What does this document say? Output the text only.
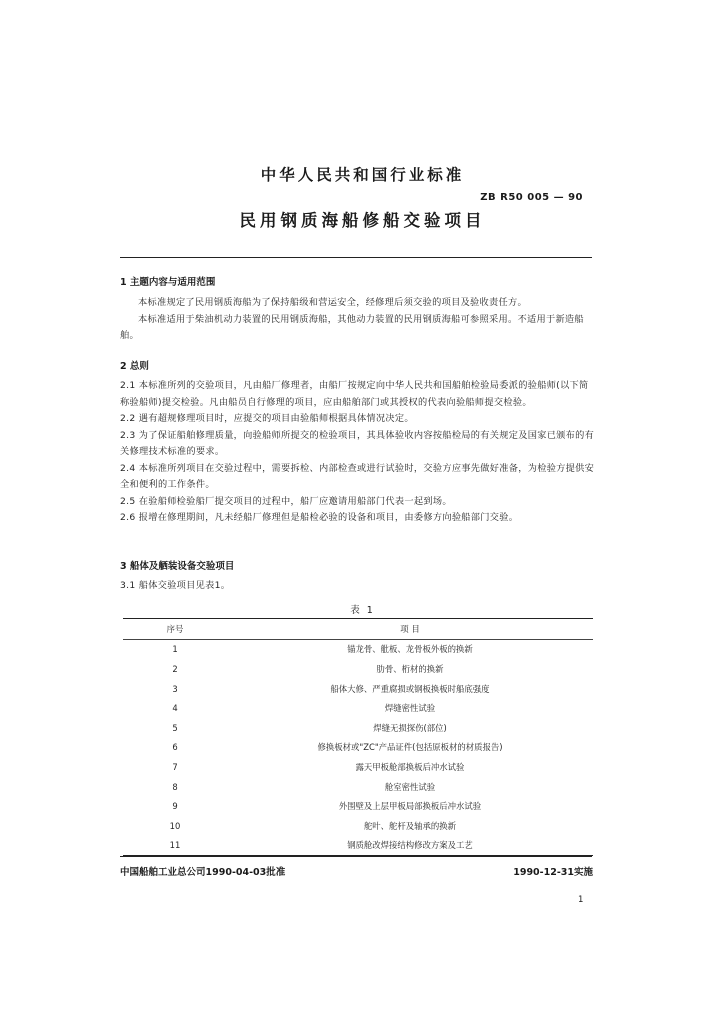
中华人民共和国行业标准
ZB R50 005 — 90
民用钢质海船修船交验项目
1 主题内容与适用范围

本标准规定了民用钢质海船为了保持船级和营运安全，经修理后须交验的项目及验收责任方。

本标准适用于柴油机动力装置的民用钢质海船，其他动力装置的民用钢质海船可参照采用。不适用于新造船舶。

2 总则

2.1 本标准所列的交验项目，凡由船厂修理者，由船厂按规定向中华人民共和国船舶检验局委派的验船师(以下简称验船师)提交检验。凡由船员自行修理的项目，应由船舶部门或其授权的代表向验船师提交检验。

2.2 遇有超规修理项目时，应提交的项目由验船师根据具体情况决定。

2.3 为了保证船舶修理质量，向验船师所提交的检验项目，其具体验收内容按船检局的有关规定及国家已颁布的有关修理技术标准的要求。

2.4 本标准所列项目在交验过程中，需要拆检、内部检查或进行试验时，交验方应事先做好准备，为检验方提供安全和便利的工作条件。

2.5 在验船师检验船厂提交项目的过程中，船厂应邀请用船部门代表一起到场。

2.6 报增在修理期间，凡未经船厂修理但是船检必验的设备和项目，由委修方向验船部门交验。

3 船体及舾装设备交验项目

3.1 船体交验项目见表1。

表 1
序号	项 目
1	锚龙骨、舭板、龙骨板外板的换新
2	肋骨、桁材的换新
3	船体大修、严重腐损或钢板换板时船底强度
4	焊缝密性试验
5	焊缝无损探伤(部位)
6	修换板材或"ZC"产品证件(包括原板材的材质报告)
7	露天甲板舱部换板后冲水试验
8	舱室密性试验
9	外围壁及上层甲板局部换板后冲水试验
10	舵叶、舵杆及轴承的换新
11	钢质舱改焊接结构修改方案及工艺
中国船舶工业总公司1990-04-03批准	1990-12-31实施
1
